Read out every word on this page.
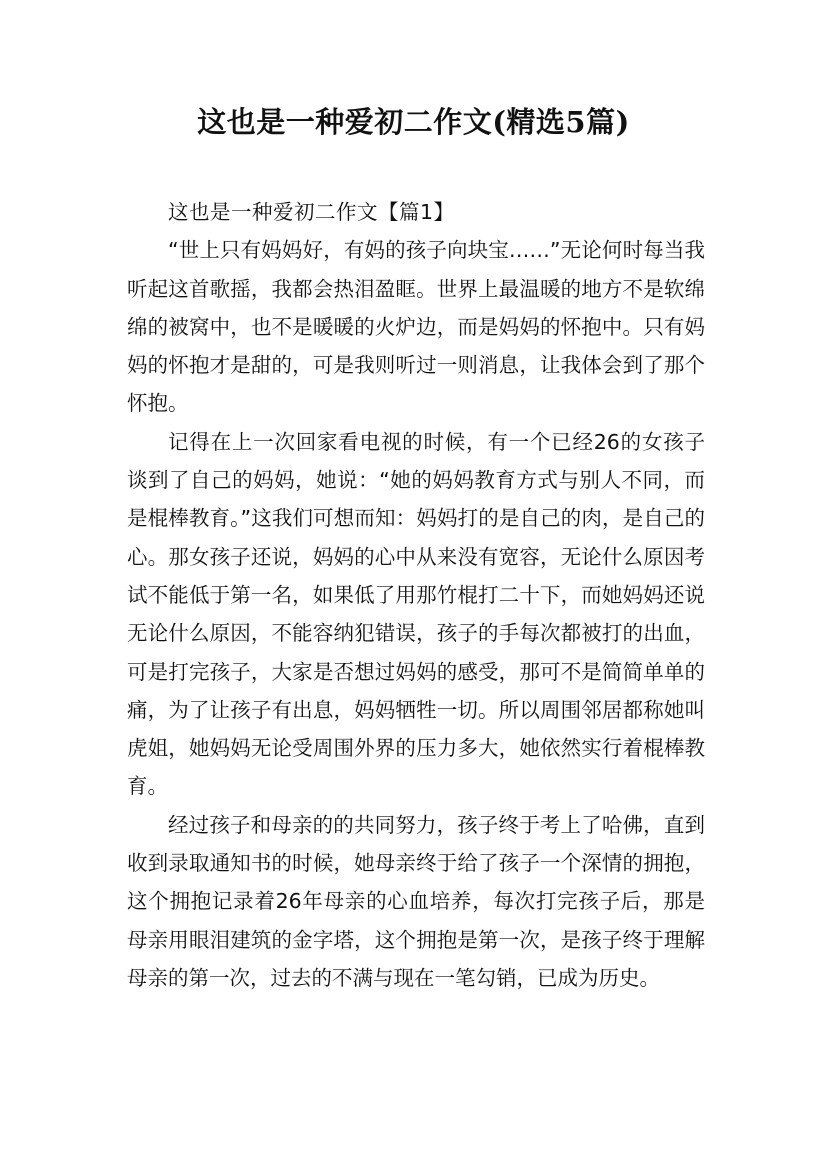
这也是一种爱初二作文(精选5篇)
这也是一种爱初二作文【篇1】

“世上只有妈妈好，有妈的孩子向块宝……”无论何时每当我听起这首歌摇，我都会热泪盈眶。世界上最温暖的地方不是软绵绵的被窝中，也不是暖暖的火炉边，而是妈妈的怀抱中。只有妈妈的怀抱才是甜的，可是我则听过一则消息，让我体会到了那个怀抱。

记得在上一次回家看电视的时候，有一个已经26的女孩子谈到了自己的妈妈，她说：“她的妈妈教育方式与别人不同，而是棍棒教育。”这我们可想而知：妈妈打的是自己的肉，是自己的心。那女孩子还说，妈妈的心中从来没有宽容，无论什么原因考试不能低于第一名，如果低了用那竹棍打二十下，而她妈妈还说无论什么原因，不能容纳犯错误，孩子的手每次都被打的出血，可是打完孩子，大家是否想过妈妈的感受，那可不是简简单单的痛，为了让孩子有出息，妈妈牺牲一切。所以周围邻居都称她叫虎姐，她妈妈无论受周围外界的压力多大，她依然实行着棍棒教育。

经过孩子和母亲的的共同努力，孩子终于考上了哈佛，直到收到录取通知书的时候，她母亲终于给了孩子一个深情的拥抱，这个拥抱记录着26年母亲的心血培养，每次打完孩子后，那是母亲用眼泪建筑的金字塔，这个拥抱是第一次，是孩子终于理解母亲的第一次，过去的不满与现在一笔勾销，已成为历史。
